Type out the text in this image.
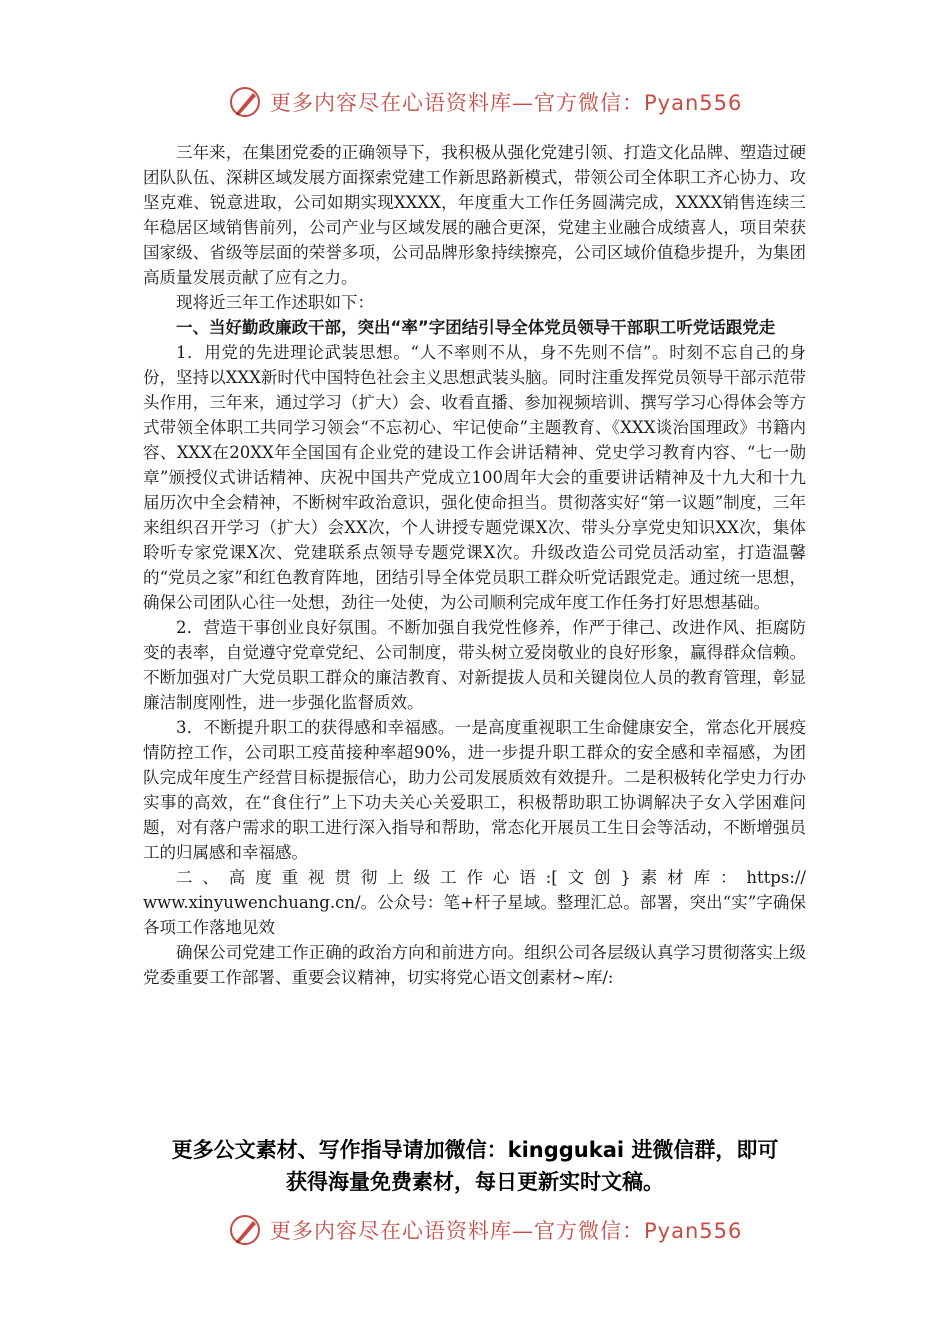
更多内容尽在心语资料库—官方微信：Pyan556

三年来，在集团党委的正确领导下，我积极从强化党建引领、打造文化品牌、塑造过硬团队队伍、深耕区域发展方面探索党建工作新思路新模式，带领公司全体职工齐心协力、攻坚克难、锐意进取，公司如期实现XXXX，年度重大工作任务圆满完成，XXXX销售连续三年稳居区域销售前列，公司产业与区域发展的融合更深，党建主业融合成绩喜人，项目荣获国家级、省级等层面的荣誉多项，公司品牌形象持续擦亮，公司区域价值稳步提升，为集团高质量发展贡献了应有之力。

现将近三年工作述职如下：

一、当好勤政廉政干部，突出“率”字团结引导全体党员领导干部职工听党话跟党走

1．用党的先进理论武装思想。“人不率则不从，身不先则不信”。时刻不忘自己的身份，坚持以XXX新时代中国特色社会主义思想武装头脑。同时注重发挥党员领导干部示范带头作用，三年来，通过学习（扩大）会、收看直播、参加视频培训、撰写学习心得体会等方式带领全体职工共同学习领会“不忘初心、牢记使命”主题教育、《XXX谈治国理政》书籍内容、XXX在20XX年全国国有企业党的建设工作会讲话精神、党史学习教育内容、“七一勋章”颁授仪式讲话精神、庆祝中国共产党成立100周年大会的重要讲话精神及十九大和十九届历次中全会精神，不断树牢政治意识，强化使命担当。贯彻落实好“第一议题”制度，三年来组织召开学习（扩大）会XX次，个人讲授专题党课X次、带头分享党史知识XX次，集体聆听专家党课X次、党建联系点领导专题党课X次。升级改造公司党员活动室，打造温馨的“党员之家”和红色教育阵地，团结引导全体党员职工群众听党话跟党走。通过统一思想，确保公司团队心往一处想，劲往一处使，为公司顺利完成年度工作任务打好思想基础。

2．营造干事创业良好氛围。不断加强自我党性修养，作严于律己、改进作风、拒腐防变的表率，自觉遵守党章党纪、公司制度，带头树立爱岗敬业的良好形象，赢得群众信赖。不断加强对广大党员职工群众的廉洁教育、对新提拔人员和关键岗位人员的教育管理，彰显廉洁制度刚性，进一步强化监督质效。

3．不断提升职工的获得感和幸福感。一是高度重视职工生命健康安全，常态化开展疫情防控工作，公司职工疫苗接种率超90%，进一步提升职工群众的安全感和幸福感，为团队完成年度生产经营目标提振信心，助力公司发展质效有效提升。二是积极转化学史力行办实事的高效，在“食住行”上下功夫关心关爱职工，积极帮助职工协调解决子女入学困难问题，对有落户需求的职工进行深入指导和帮助，常态化开展员工生日会等活动，不断增强员工的归属感和幸福感。

二、高度重视贯彻上级工作心语:[文创}素材库：https://

www.xinyuwenchuang.cn/。公众号：笔+杆子星域。整理汇总。部署，突出“实”字确保各项工作落地见效

确保公司党建工作正确的政治方向和前进方向。组织公司各层级认真学习贯彻落实上级党委重要工作部署、重要会议精神，切实将党心语文创素材~库/:

更多公文素材、写作指导请加微信：kinggukai 进微信群，即可
获得海量免费素材，每日更新实时文稿。
更多内容尽在心语资料库—官方微信：Pyan556
